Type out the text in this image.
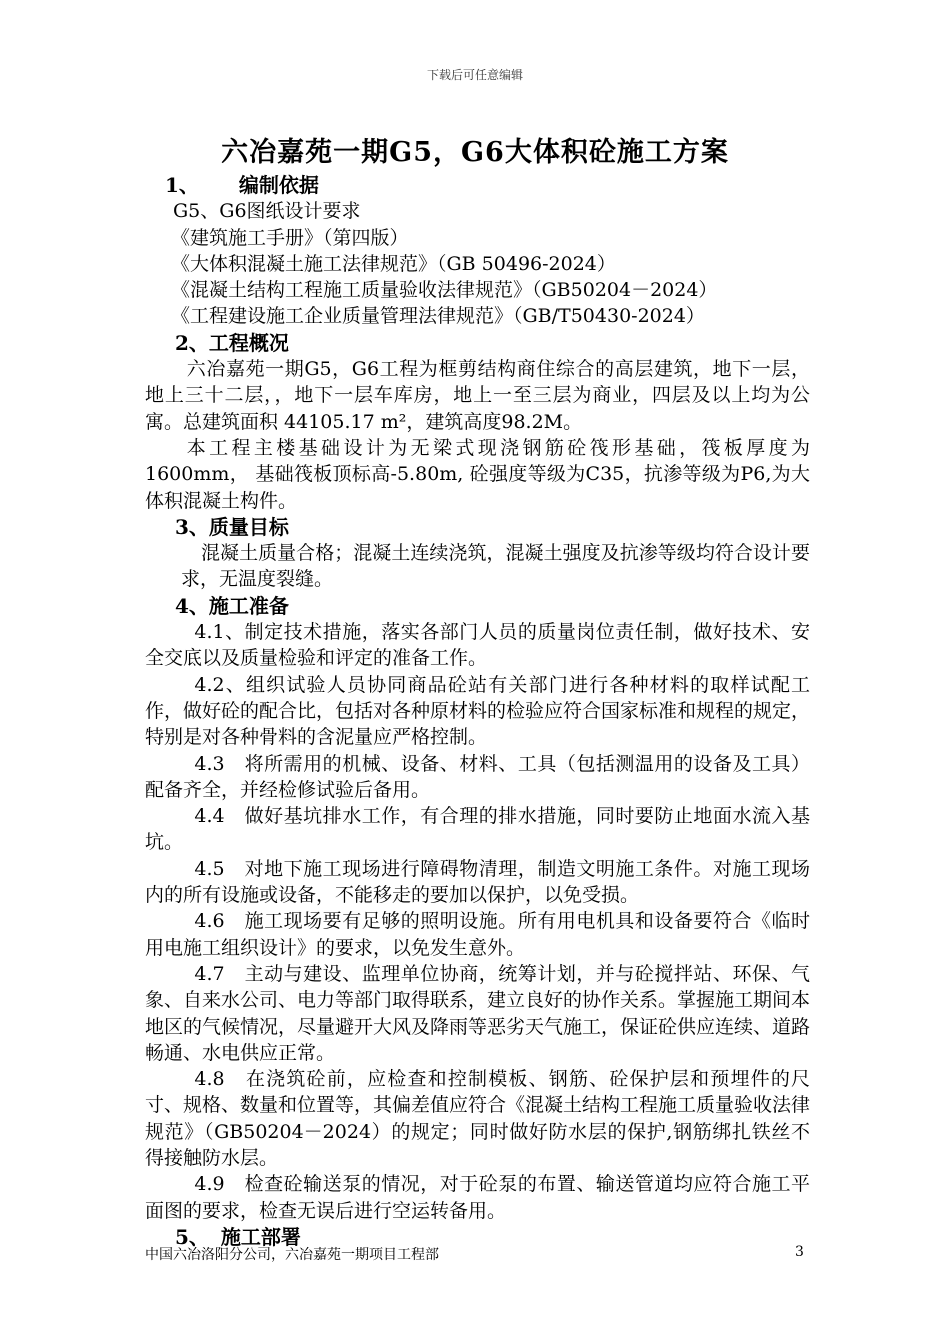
下载后可任意编辑
六冶嘉苑一期G5，G6大体积砼施工方案

1、 编制依据

G5、G6图纸设计要求

《建筑施工手册》（第四版）

《大体积混凝土施工法律规范》（GB 50496-2024）

《混凝土结构工程施工质量验收法律规范》（GB50204－2024）

《工程建设施工企业质量管理法律规范》（GB/T50430-2024）

2、工程概况

六冶嘉苑一期G5，G6工程为框剪结构商住综合的高层建筑，地下一层，地上三十二层，，地下一层车库房，地上一至三层为商业，四层及以上均为公寓。总建筑面积 44105.17 m²，建筑高度98.2M。

本工程主楼基础设计为无梁式现浇钢筋砼筏形基础，筏板厚度为1600mm， 基础筏板顶标高-5.80m, 砼强度等级为C35，抗渗等级为P6,为大体积混凝土构件。

3、质量目标

混凝土质量合格；混凝土连续浇筑，混凝土强度及抗渗等级均符合设计要求，无温度裂缝。

4、施工准备

4.1、制定技术措施，落实各部门人员的质量岗位责任制，做好技术、安全交底以及质量检验和评定的准备工作。

4.2、组织试验人员协同商品砼站有关部门进行各种材料的取样试配工作，做好砼的配合比，包括对各种原材料的检验应符合国家标准和规程的规定，特别是对各种骨料的含泥量应严格控制。

4.3　将所需用的机械、设备、材料、工具（包括测温用的设备及工具）配备齐全，并经检修试验后备用。

4.4　做好基坑排水工作，有合理的排水措施，同时要防止地面水流入基坑。

4.5　对地下施工现场进行障碍物清理，制造文明施工条件。对施工现场内的所有设施或设备，不能移走的要加以保护，以免受损。

4.6　施工现场要有足够的照明设施。所有用电机具和设备要符合《临时用电施工组织设计》的要求，以免发生意外。

4.7　主动与建设、监理单位协商，统筹计划，并与砼搅拌站、环保、气象、自来水公司、电力等部门取得联系，建立良好的协作关系。掌握施工期间本地区的气候情况，尽量避开大风及降雨等恶劣天气施工，保证砼供应连续、道路畅通、水电供应正常。

4.8　在浇筑砼前，应检查和控制模板、钢筋、砼保护层和预埋件的尺寸、规格、数量和位置等，其偏差值应符合《混凝土结构工程施工质量验收法律规范》（GB50204－2024）的规定；同时做好防水层的保护,钢筋绑扎铁丝不得接触防水层。

4.9　检查砼输送泵的情况，对于砼泵的布置、输送管道均应符合施工平面图的要求，检查无误后进行空运转备用。

5、 施工部署

中国六冶洛阳分公司，六冶嘉苑一期项目工程部	3
